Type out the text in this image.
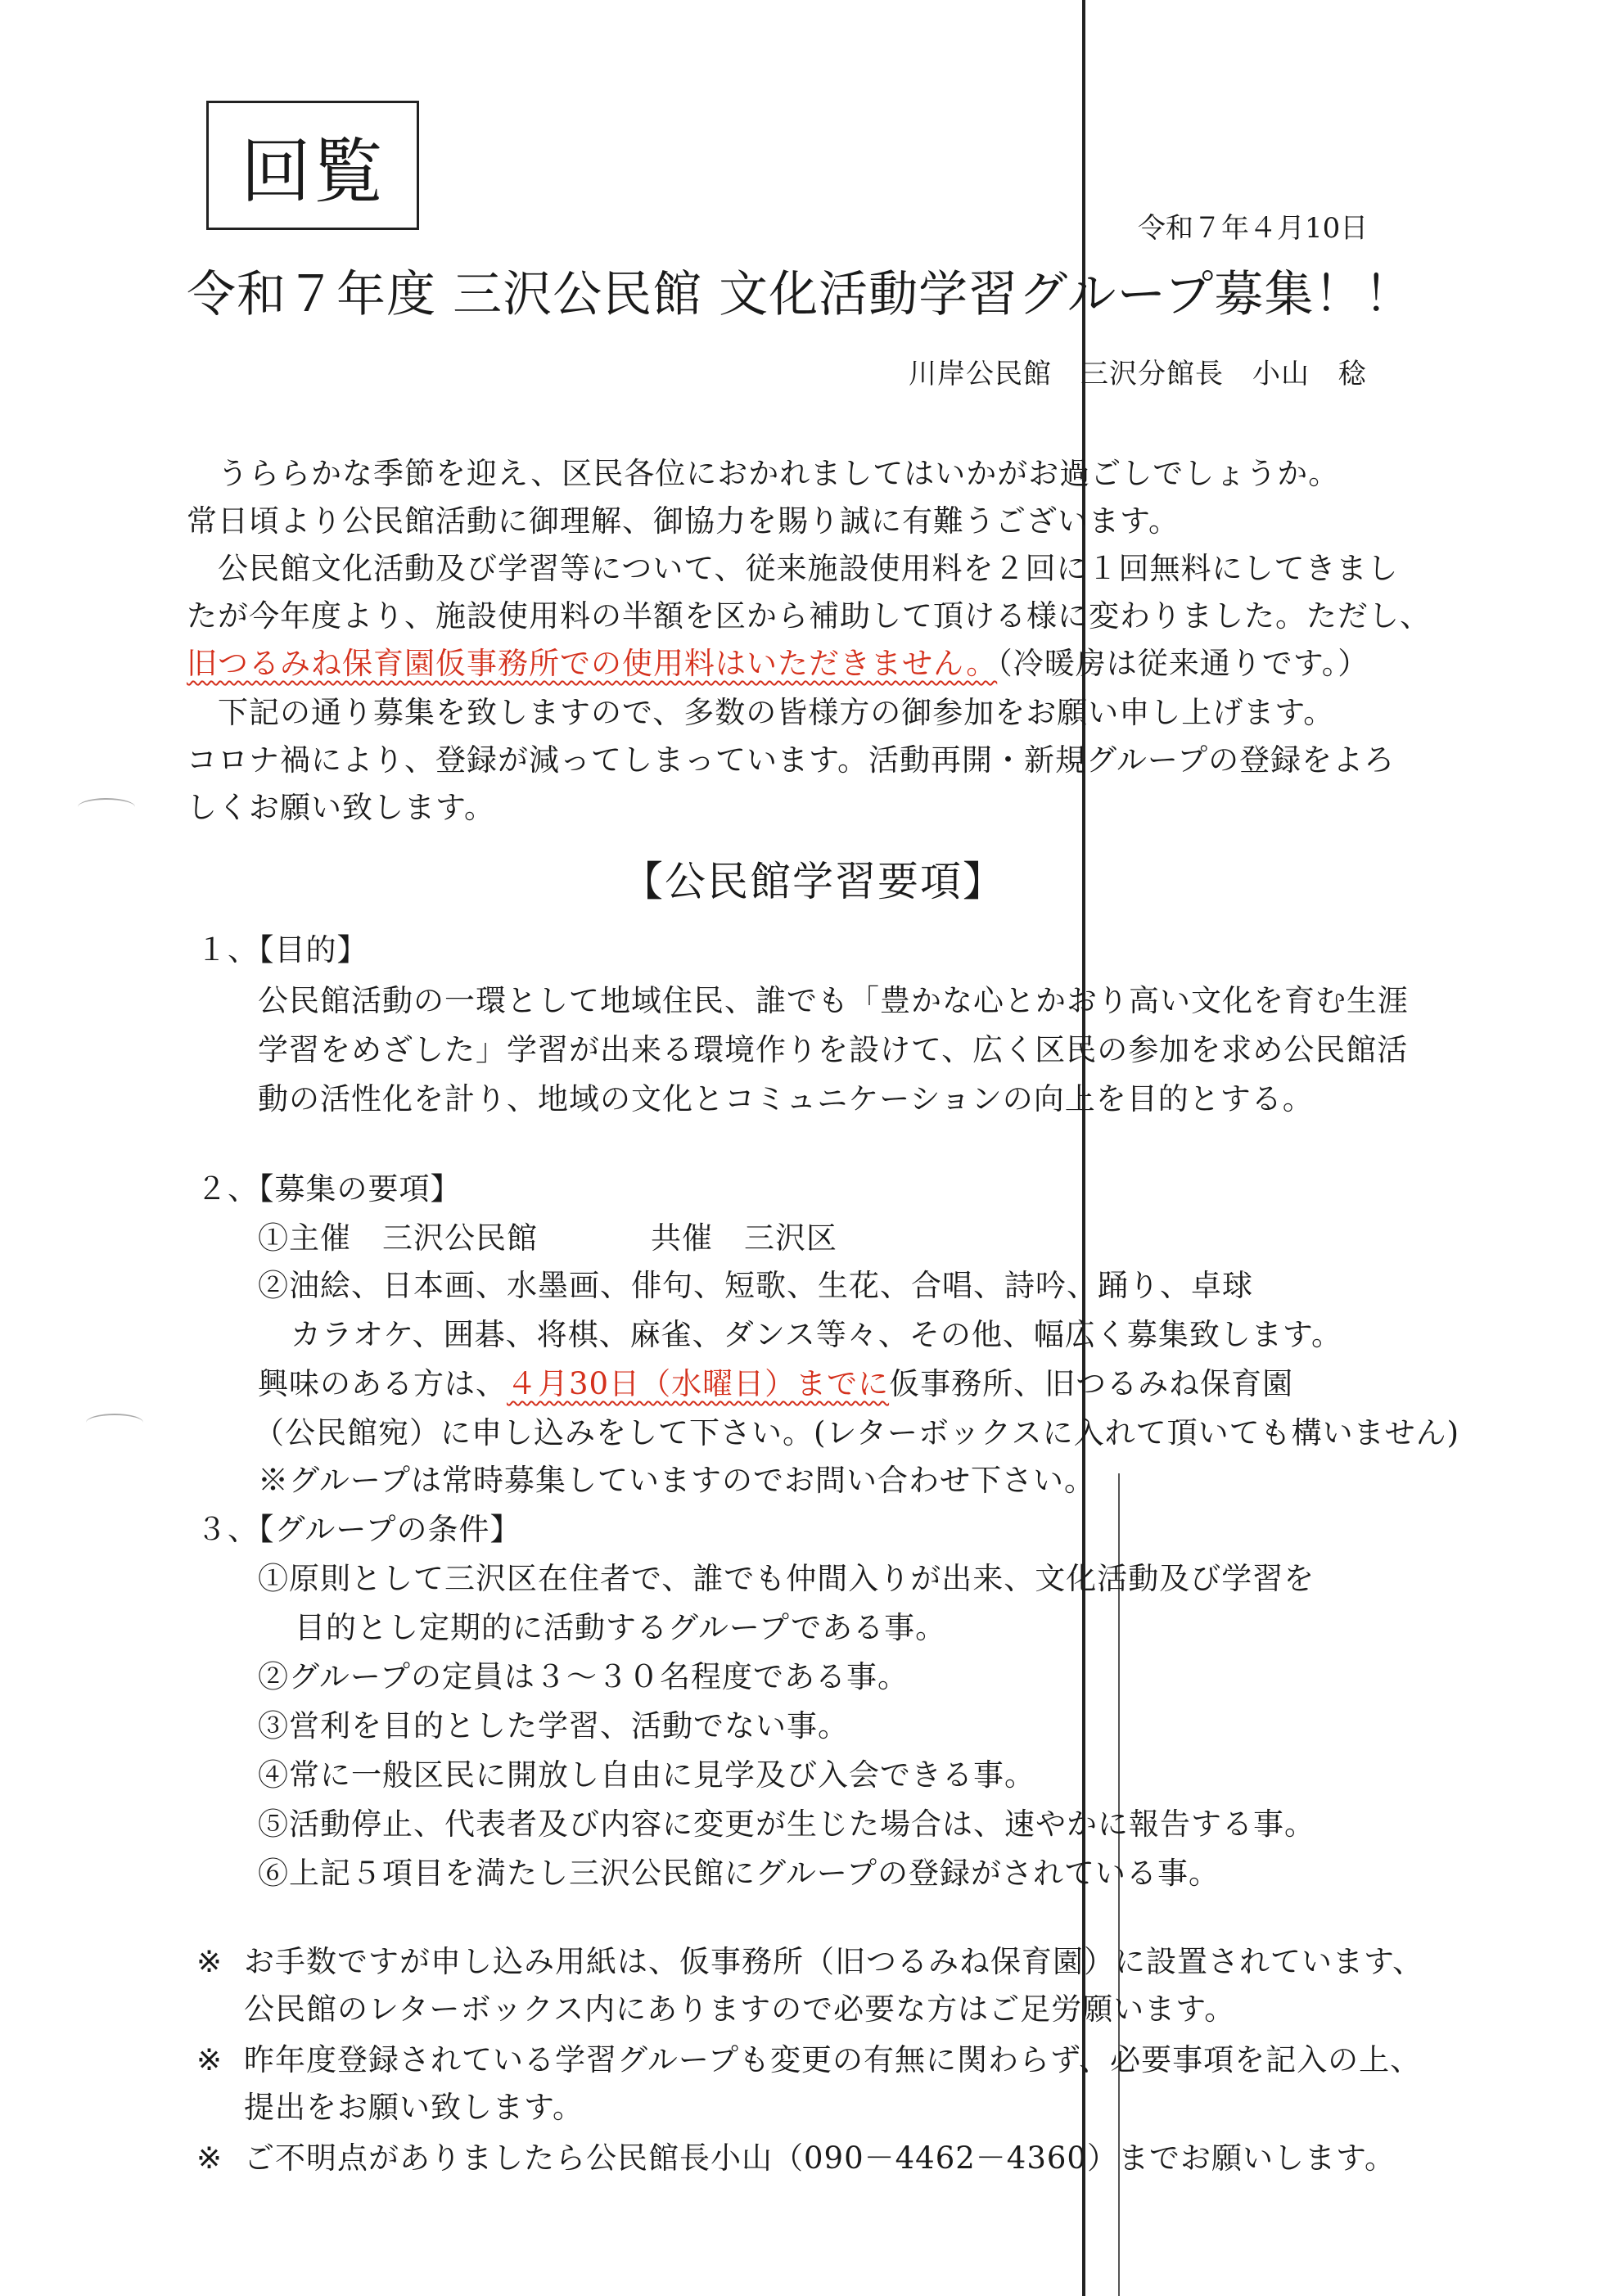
回覧
令和７年４月10日
令和７年度 三沢公民館 文化活動学習グループ募集！！
川岸公民館　三沢分館長　小山　稔
　うららかな季節を迎え、区民各位におかれましてはいかがお過ごしでしょうか。
常日頃より公民館活動に御理解、御協力を賜り誠に有難うございます。
　公民館文化活動及び学習等について、従来施設使用料を２回に１回無料にしてきまし
たが今年度より、施設使用料の半額を区から補助して頂ける様に変わりました。ただし、
旧つるみね保育園仮事務所での使用料はいただきません。（冷暖房は従来通りです。）
　下記の通り募集を致しますので、多数の皆様方の御参加をお願い申し上げます。
コロナ禍により、登録が減ってしまっています。活動再開・新規グループの登録をよろ
しくお願い致します。
【公民館学習要項】
１、【目的】
公民館活動の一環として地域住民、誰でも「豊かな心とかおり高い文化を育む生涯
学習をめざした」学習が出来る環境作りを設けて、広く区民の参加を求め公民館活
動の活性化を計り、地域の文化とコミュニケーションの向上を目的とする。
２、【募集の要項】
①主催　三沢公民館	共催　三沢区
②油絵、日本画、水墨画、俳句、短歌、生花、合唱、詩吟、踊り、卓球
カラオケ、囲碁、将棋、麻雀、ダンス等々、その他、幅広く募集致します。
興味のある方は、４月30日（水曜日）までに仮事務所、旧つるみね保育園
（公民館宛）に申し込みをして下さい。(レターボックスに入れて頂いても構いません)
※グループは常時募集していますのでお問い合わせ下さい。
３、【グループの条件】
①原則として三沢区在住者で、誰でも仲間入りが出来、文化活動及び学習を
目的とし定期的に活動するグループである事。
②グループの定員は３～３０名程度である事。
③営利を目的とした学習、活動でない事。
④常に一般区民に開放し自由に見学及び入会できる事。
⑤活動停止、代表者及び内容に変更が生じた場合は、速やかに報告する事。
⑥上記５項目を満たし三沢公民館にグループの登録がされている事。
※ お手数ですが申し込み用紙は、仮事務所（旧つるみね保育園）に設置されています、
公民館のレターボックス内にありますので必要な方はご足労願います。
※ 昨年度登録されている学習グループも変更の有無に関わらず、必要事項を記入の上、
提出をお願い致します。
※ ご不明点がありましたら公民館長小山（090－4462－4360）までお願いします。
